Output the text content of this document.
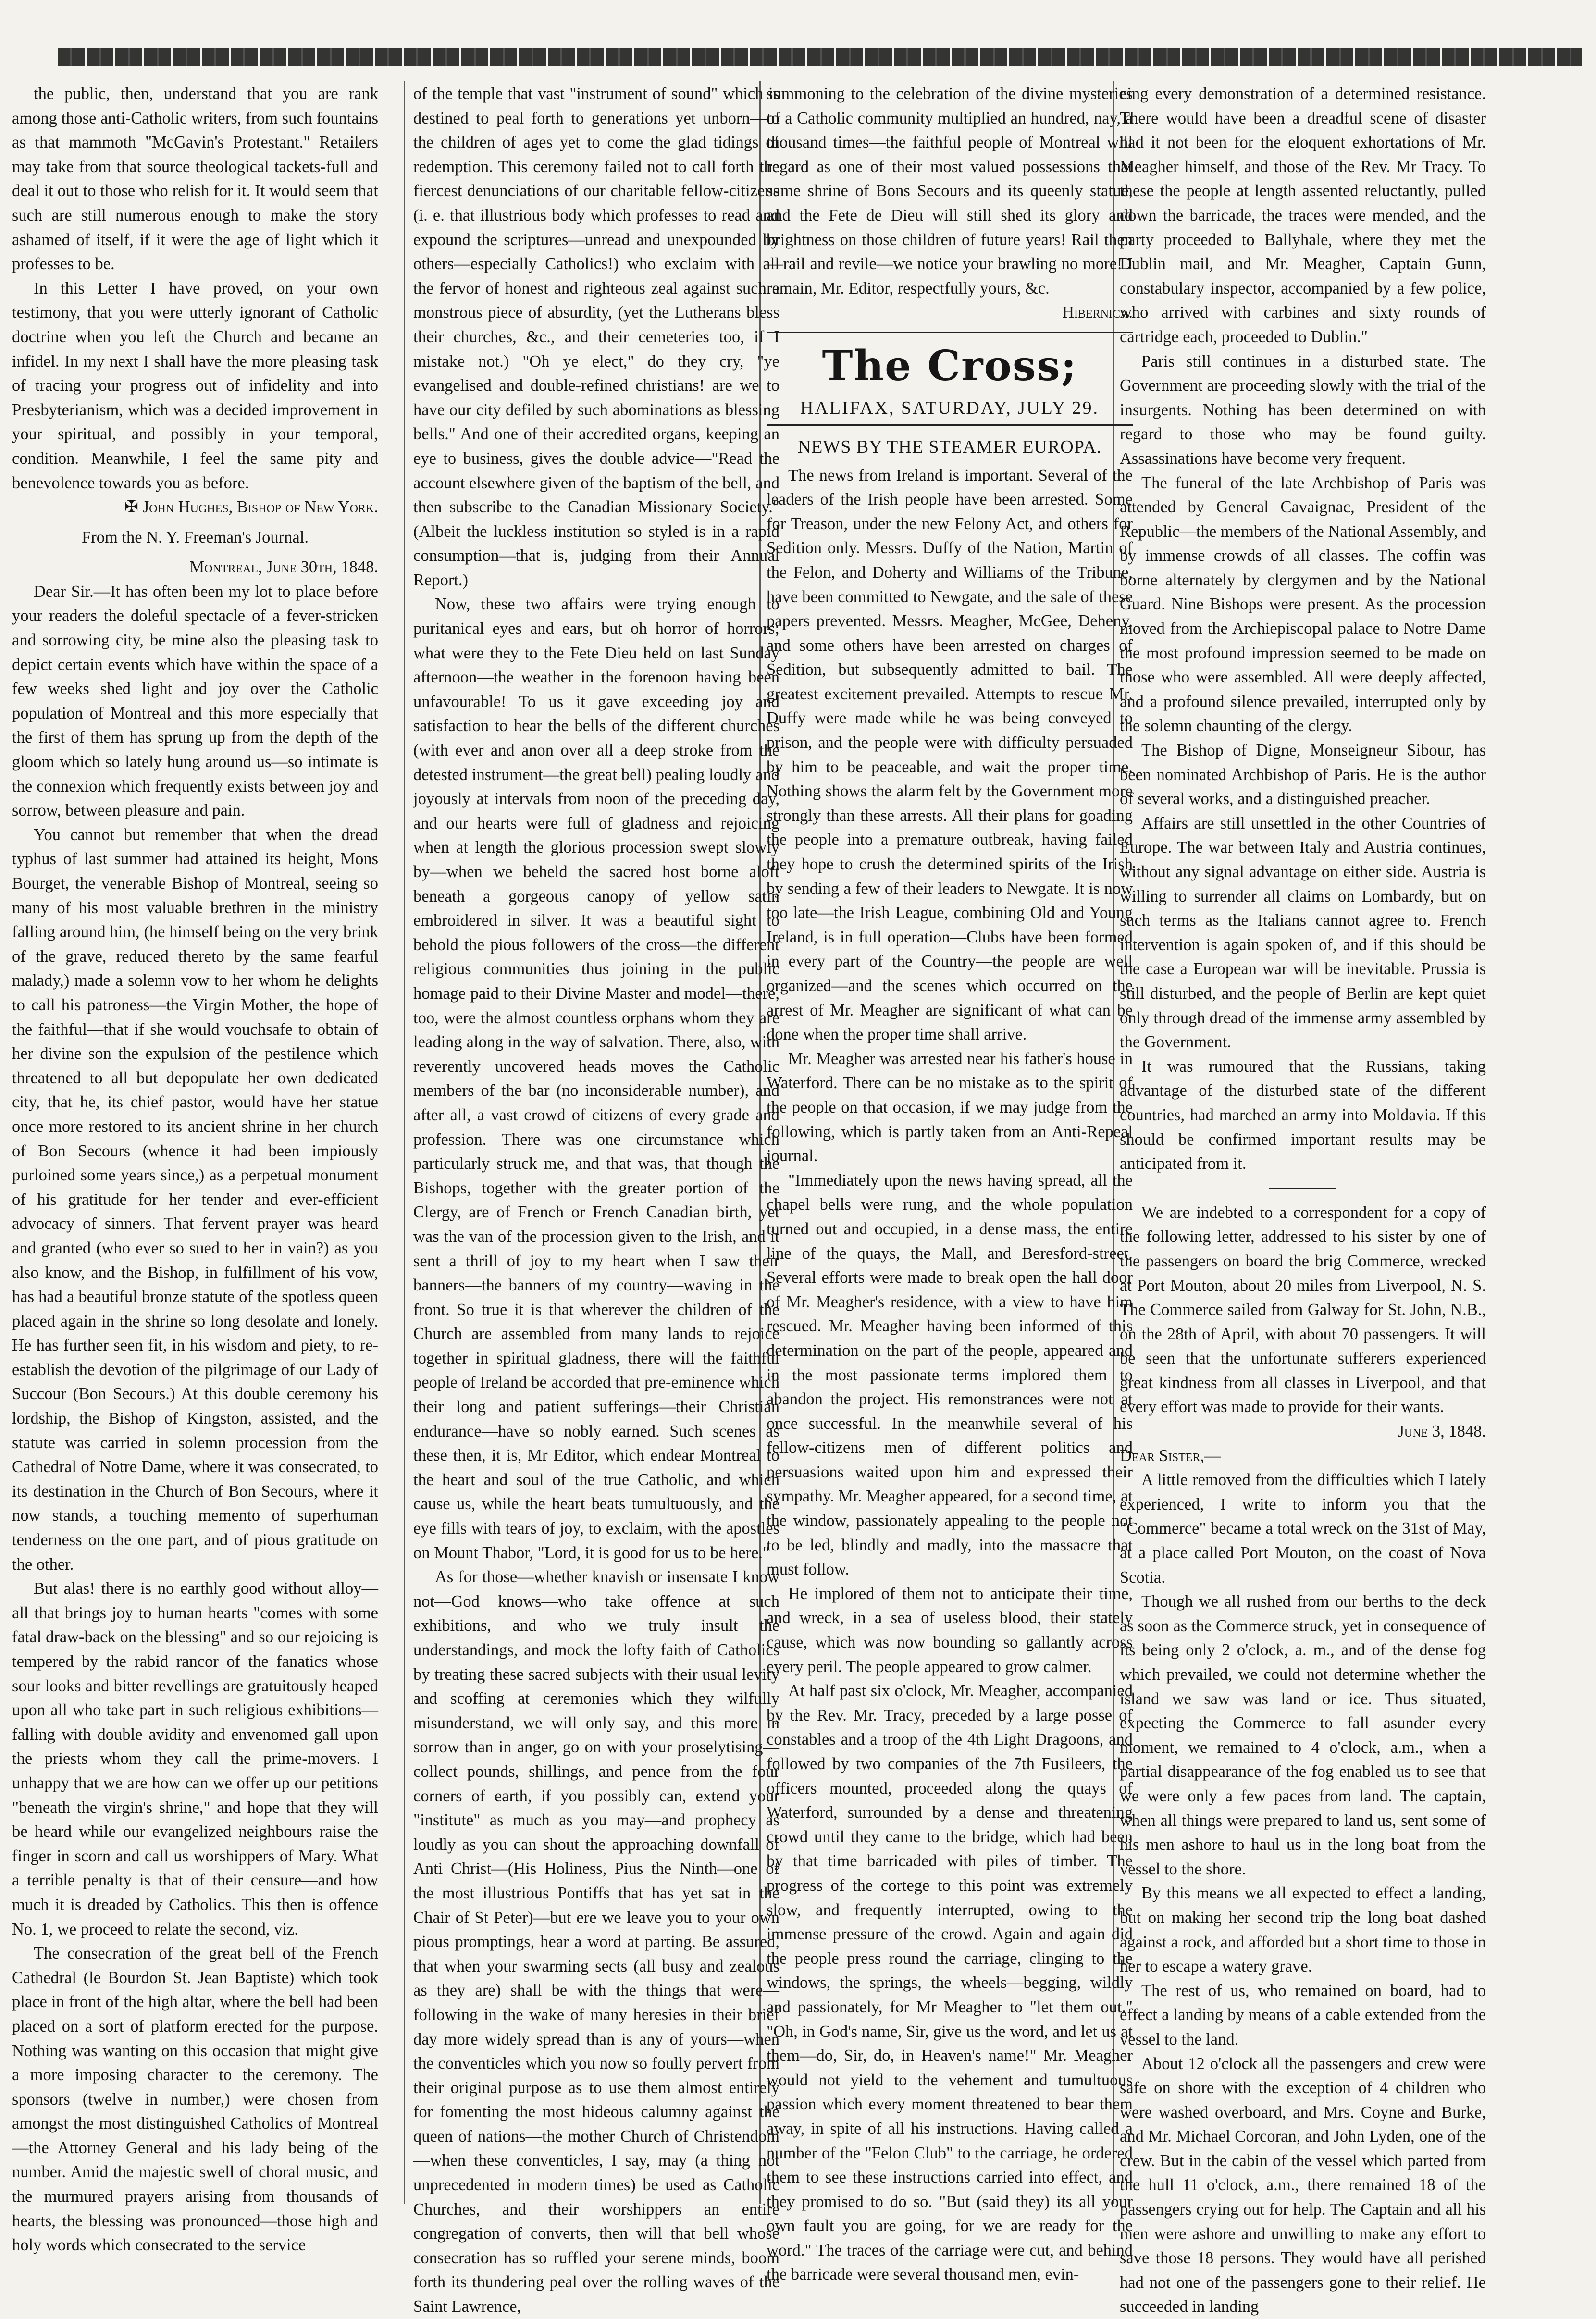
the public, then, understand that you are rank among those anti-Catholic writers, from such fountains as that mammoth "McGavin's Protestant." Retailers may take from that source theological tackets-full and deal it out to those who relish for it. It would seem that such are still numerous enough to make the story ashamed of itself, if it were the age of light which it professes to be.

In this Letter I have proved, on your own testimony, that you were utterly ignorant of Catholic doctrine when you left the Church and became an infidel. In my next I shall have the more pleasing task of tracing your progress out of infidelity and into Presbyterianism, which was a decided improvement in your spiritual, and possibly in your temporal, condition. Meanwhile, I feel the same pity and benevolence towards you as before.

✠ John Hughes, Bishop of New York.

From the N. Y. Freeman's Journal.

Montreal, June 30th, 1848.

Dear Sir.—It has often been my lot to place before your readers the doleful spectacle of a fever-stricken and sorrowing city, be mine also the pleasing task to depict certain events which have within the space of a few weeks shed light and joy over the Catholic population of Montreal and this more especially that the first of them has sprung up from the depth of the gloom which so lately hung around us—so intimate is the connexion which frequently exists between joy and sorrow, between pleasure and pain.

You cannot but remember that when the dread typhus of last summer had attained its height, Mons Bourget, the venerable Bishop of Montreal, seeing so many of his most valuable brethren in the ministry falling around him, (he himself being on the very brink of the grave, reduced thereto by the same fearful malady,) made a solemn vow to her whom he delights to call his patroness—the Virgin Mother, the hope of the faithful—that if she would vouchsafe to obtain of her divine son the expulsion of the pestilence which threatened to all but depopulate her own dedicated city, that he, its chief pastor, would have her statue once more restored to its ancient shrine in her church of Bon Secours (whence it had been impiously purloined some years since,) as a perpetual monument of his gratitude for her tender and ever-efficient advocacy of sinners. That fervent prayer was heard and granted (who ever so sued to her in vain?) as you also know, and the Bishop, in fulfillment of his vow, has had a beautiful bronze statute of the spotless queen placed again in the shrine so long desolate and lonely. He has further seen fit, in his wisdom and piety, to re-establish the devotion of the pilgrimage of our Lady of Succour (Bon Secours.) At this double ceremony his lordship, the Bishop of Kingston, assisted, and the statute was carried in solemn procession from the Cathedral of Notre Dame, where it was consecrated, to its destination in the Church of Bon Secours, where it now stands, a touching memento of superhuman tenderness on the one part, and of pious gratitude on the other.

But alas! there is no earthly good without alloy—all that brings joy to human hearts "comes with some fatal draw-back on the blessing" and so our rejoicing is tempered by the rabid rancor of the fanatics whose sour looks and bitter revellings are gratuitously heaped upon all who take part in such religious exhibitions—falling with double avidity and envenomed gall upon the priests whom they call the prime-movers. I unhappy that we are how can we offer up our petitions "beneath the virgin's shrine," and hope that they will be heard while our evangelized neighbours raise the finger in scorn and call us worshippers of Mary. What a terrible penalty is that of their censure—and how much it is dreaded by Catholics. This then is offence No. 1, we proceed to relate the second, viz.

The consecration of the great bell of the French Cathedral (le Bourdon St. Jean Baptiste) which took place in front of the high altar, where the bell had been placed on a sort of platform erected for the purpose. Nothing was wanting on this occasion that might give a more imposing character to the ceremony. The sponsors (twelve in number,) were chosen from amongst the most distinguished Catholics of Montreal—the Attorney General and his lady being of the number. Amid the majestic swell of choral music, and the murmured prayers arising from thousands of hearts, the blessing was pronounced—those high and holy words which consecrated to the service

of the temple that vast "instrument of sound" which is destined to peal forth to generations yet unborn—to the children of ages yet to come the glad tidings of redemption. This ceremony failed not to call forth the fiercest denunciations of our charitable fellow-citizens (i. e. that illustrious body which professes to read and expound the scriptures—unread and unexpounded by others—especially Catholics!) who exclaim with all the fervor of honest and righteous zeal against such a monstrous piece of absurdity, (yet the Lutherans bless their churches, &c., and their cemeteries too, if I mistake not.) "Oh ye elect," do they cry, "ye evangelised and double-refined christians! are we to have our city defiled by such abominations as blessing bells." And one of their accredited organs, keeping an eye to business, gives the double advice—"Read the account elsewhere given of the baptism of the bell, and then subscribe to the Canadian Missionary Society." (Albeit the luckless institution so styled is in a rapid consumption—that is, judging from their Annual Report.)

Now, these two affairs were trying enough to puritanical eyes and ears, but oh horror of horrors; what were they to the Fete Dieu held on last Sunday afternoon—the weather in the forenoon having been unfavourable! To us it gave exceeding joy and satisfaction to hear the bells of the different churches (with ever and anon over all a deep stroke from the detested instrument—the great bell) pealing loudly and joyously at intervals from noon of the preceding day, and our hearts were full of gladness and rejoicing when at length the glorious procession swept slowly by—when we beheld the sacred host borne aloft beneath a gorgeous canopy of yellow satin embroidered in silver. It was a beautiful sight to behold the pious followers of the cross—the different religious communities thus joining in the public homage paid to their Divine Master and model—there, too, were the almost countless orphans whom they are leading along in the way of salvation. There, also, with reverently uncovered heads moves the Catholic members of the bar (no inconsiderable number), and after all, a vast crowd of citizens of every grade and profession. There was one circumstance which particularly struck me, and that was, that though the Bishops, together with the greater portion of the Clergy, are of French or French Canadian birth, yet was the van of the procession given to the Irish, and it sent a thrill of joy to my heart when I saw their banners—the banners of my country—waving in the front. So true it is that wherever the children of the Church are assembled from many lands to rejoice together in spiritual gladness, there will the faithful people of Ireland be accorded that pre-eminence which their long and patient sufferings—their Christian endurance—have so nobly earned. Such scenes as these then, it is, Mr Editor, which endear Montreal to the heart and soul of the true Catholic, and which cause us, while the heart beats tumultuously, and the eye fills with tears of joy, to exclaim, with the apostles on Mount Thabor, "Lord, it is good for us to be here."

As for those—whether knavish or insensate I know not—God knows—who take offence at such exhibitions, and who we truly insult the understandings, and mock the lofty faith of Catholics by treating these sacred subjects with their usual levity and scoffing at ceremonies which they wilfully misunderstand, we will only say, and this more in sorrow than in anger, go on with your proselytising—collect pounds, shillings, and pence from the four corners of earth, if you possibly can, extend your "institute" as much as you may—and prophecy as loudly as you can shout the approaching downfall of Anti Christ—(His Holiness, Pius the Ninth—one of the most illustrious Pontiffs that has yet sat in the Chair of St Peter)—but ere we leave you to your own pious promptings, hear a word at parting. Be assured, that when your swarming sects (all busy and zealous as they are) shall be with the things that were—following in the wake of many heresies in their brief day more widely spread than is any of yours—when the conventicles which you now so foully pervert from their original purpose as to use them almost entirely for fomenting the most hideous calumny against the queen of nations—the mother Church of Christendom—when these conventicles, I say, may (a thing not unprecedented in modern times) be used as Catholic Churches, and their worshippers an entire congregation of converts, then will that bell whose consecration has so ruffled your serene minds, boom forth its thundering peal over the rolling waves of the Saint Lawrence,

summoning to the celebration of the divine mysteries of a Catholic community multiplied an hundred, nay, a thousand times—the faithful people of Montreal will regard as one of their most valued possessions that same shrine of Bons Secours and its queenly statue, and the Fete de Dieu will still shed its glory and brightness on those children of future years! Rail then—rail and revile—we notice your brawling no more! I remain, Mr. Editor, respectfully yours, &c.

Hibernica.

The Cross;
HALIFAX, SATURDAY, JULY 29.
NEWS BY THE STEAMER EUROPA.

The news from Ireland is important. Several of the leaders of the Irish people have been arrested. Some for Treason, under the new Felony Act, and others for Sedition only. Messrs. Duffy of the Nation, Martin of the Felon, and Doherty and Williams of the Tribune, have been committed to Newgate, and the sale of these papers prevented. Messrs. Meagher, McGee, Deheny, and some others have been arrested on charges of Sedition, but subsequently admitted to bail. The greatest excitement prevailed. Attempts to rescue Mr. Duffy were made while he was being conveyed to prison, and the people were with difficulty persuaded by him to be peaceable, and wait the proper time. Nothing shows the alarm felt by the Government more strongly than these arrests. All their plans for goading the people into a premature outbreak, having failed they hope to crush the determined spirits of the Irish by sending a few of their leaders to Newgate. It is now too late—the Irish League, combining Old and Young Ireland, is in full operation—Clubs have been formed in every part of the Country—the people are well organized—and the scenes which occurred on the arrest of Mr. Meagher are significant of what can be done when the proper time shall arrive.

Mr. Meagher was arrested near his father's house in Waterford. There can be no mistake as to the spirit of the people on that occasion, if we may judge from the following, which is partly taken from an Anti-Repeal journal.

"Immediately upon the news having spread, all the chapel bells were rung, and the whole population turned out and occupied, in a dense mass, the entire line of the quays, the Mall, and Beresford-street. Several efforts were made to break open the hall door of Mr. Meagher's residence, with a view to have him rescued. Mr. Meagher having been informed of this determination on the part of the people, appeared and in the most passionate terms implored them to abandon the project. His remonstrances were not at once successful. In the meanwhile several of his fellow-citizens men of different politics and persuasions waited upon him and expressed their sympathy. Mr. Meagher appeared, for a second time, at the window, passionately appealing to the people not to be led, blindly and madly, into the massacre that must follow.

He implored of them not to anticipate their time, and wreck, in a sea of useless blood, their stately cause, which was now bounding so gallantly across every peril. The people appeared to grow calmer.

At half past six o'clock, Mr. Meagher, accompanied by the Rev. Mr. Tracy, preceded by a large posse of constables and a troop of the 4th Light Dragoons, and followed by two companies of the 7th Fusileers, the officers mounted, proceeded along the quays of Waterford, surrounded by a dense and threatening crowd until they came to the bridge, which had been by that time barricaded with piles of timber. The progress of the cortege to this point was extremely slow, and frequently interrupted, owing to the immense pressure of the crowd. Again and again did the people press round the carriage, clinging to the windows, the springs, the wheels—begging, wildly and passionately, for Mr Meagher to "let them out." "Oh, in God's name, Sir, give us the word, and let us at them—do, Sir, do, in Heaven's name!" Mr. Meagher would not yield to the vehement and tumultuous passion which every moment threatened to bear them away, in spite of all his instructions. Having called a number of the "Felon Club" to the carriage, he ordered them to see these instructions carried into effect, and they promised to do so. "But (said they) its all your own fault you are going, for we are ready for the word." The traces of the carriage were cut, and behind the barricade were several thousand men, evin-

cing every demonstration of a determined resistance. There would have been a dreadful scene of disaster had it not been for the eloquent exhortations of Mr. Meagher himself, and those of the Rev. Mr Tracy. To these the people at length assented reluctantly, pulled down the barricade, the traces were mended, and the party proceeded to Ballyhale, where they met the Dublin mail, and Mr. Meagher, Captain Gunn, constabulary inspector, accompanied by a few police, who arrived with carbines and sixty rounds of cartridge each, proceeded to Dublin."

Paris still continues in a disturbed state. The Government are proceeding slowly with the trial of the insurgents. Nothing has been determined on with regard to those who may be found guilty. Assassinations have become very frequent.

The funeral of the late Archbishop of Paris was attended by General Cavaignac, President of the Republic—the members of the National Assembly, and by immense crowds of all classes. The coffin was borne alternately by clergymen and by the National Guard. Nine Bishops were present. As the procession moved from the Archiepiscopal palace to Notre Dame the most profound impression seemed to be made on those who were assembled. All were deeply affected, and a profound silence prevailed, interrupted only by the solemn chaunting of the clergy.

The Bishop of Digne, Monseigneur Sibour, has been nominated Archbishop of Paris. He is the author of several works, and a distinguished preacher.

Affairs are still unsettled in the other Countries of Europe. The war between Italy and Austria continues, without any signal advantage on either side. Austria is willing to surrender all claims on Lombardy, but on such terms as the Italians cannot agree to. French intervention is again spoken of, and if this should be the case a European war will be inevitable. Prussia is still disturbed, and the people of Berlin are kept quiet only through dread of the immense army assembled by the Government.

It was rumoured that the Russians, taking advantage of the disturbed state of the different countries, had marched an army into Moldavia. If this should be confirmed important results may be anticipated from it.

We are indebted to a correspondent for a copy of the following letter, addressed to his sister by one of the passengers on board the brig Commerce, wrecked at Port Mouton, about 20 miles from Liverpool, N. S. The Commerce sailed from Galway for St. John, N.B., on the 28th of April, with about 70 passengers. It will be seen that the unfortunate sufferers experienced great kindness from all classes in Liverpool, and that every effort was made to provide for their wants.

June 3, 1848.

Dear Sister,—

A little removed from the difficulties which I lately experienced, I write to inform you that the "Commerce" became a total wreck on the 31st of May, at a place called Port Mouton, on the coast of Nova Scotia.

Though we all rushed from our berths to the deck as soon as the Commerce struck, yet in consequence of its being only 2 o'clock, a. m., and of the dense fog which prevailed, we could not determine whether the island we saw was land or ice. Thus situated, expecting the Commerce to fall asunder every moment, we remained to 4 o'clock, a.m., when a partial disappearance of the fog enabled us to see that we were only a few paces from land. The captain, when all things were prepared to land us, sent some of his men ashore to haul us in the long boat from the vessel to the shore.

By this means we all expected to effect a landing, but on making her second trip the long boat dashed against a rock, and afforded but a short time to those in her to escape a watery grave.

The rest of us, who remained on board, had to effect a landing by means of a cable extended from the vessel to the land.

About 12 o'clock all the passengers and crew were safe on shore with the exception of 4 children who were washed overboard, and Mrs. Coyne and Burke, and Mr. Michael Corcoran, and John Lyden, one of the crew. But in the cabin of the vessel which parted from the hull 11 o'clock, a.m., there remained 18 of the passengers crying out for help. The Captain and all his men were ashore and unwilling to make any effort to save those 18 persons. They would have all perished had not one of the passengers gone to their relief. He succeeded in landing
